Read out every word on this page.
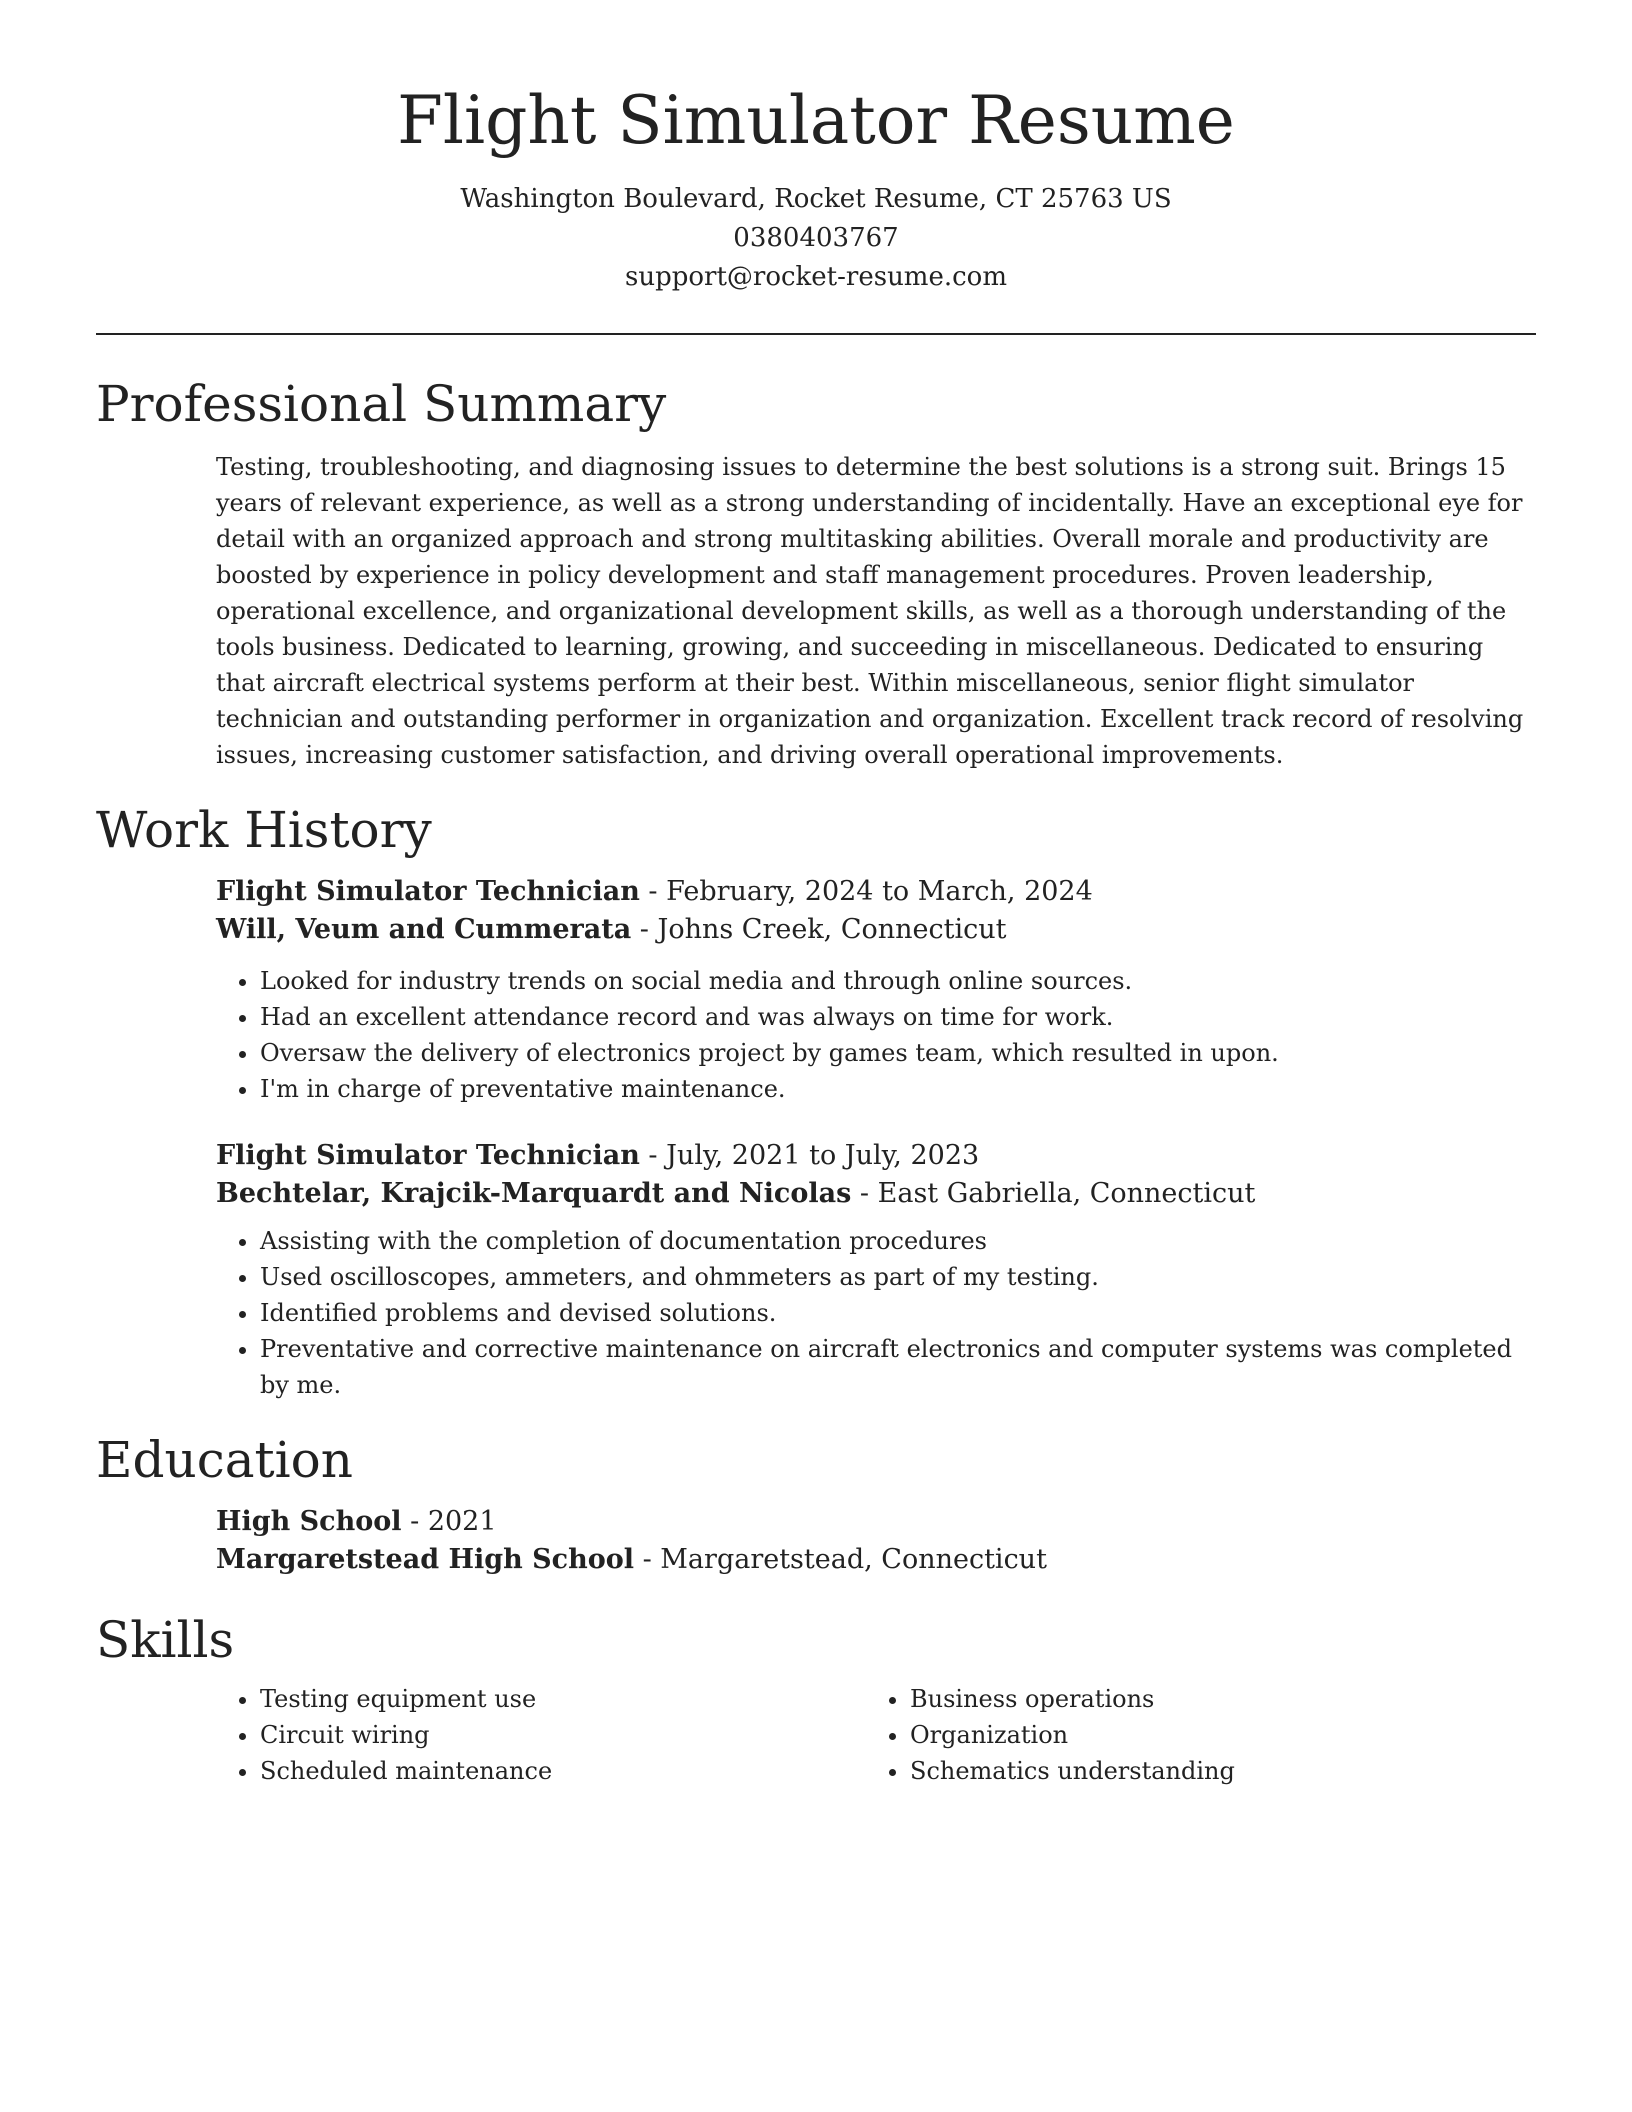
Flight Simulator Resume
Washington Boulevard, Rocket Resume, CT 25763 US
0380403767
support@rocket-resume.com
Professional Summary

Testing, troubleshooting, and diagnosing issues to determine the best solutions is a strong suit. Brings 15 years of relevant experience, as well as a strong understanding of incidentally. Have an exceptional eye for detail with an organized approach and strong multitasking abilities. Overall morale and productivity are boosted by experience in policy development and staff management procedures. Proven leadership, operational excellence, and organizational development skills, as well as a thorough understanding of the tools business. Dedicated to learning, growing, and succeeding in miscellaneous. Dedicated to ensuring that aircraft electrical systems perform at their best. Within miscellaneous, senior flight simulator technician and outstanding performer in organization and organization. Excellent track record of resolving issues, increasing customer satisfaction, and driving overall operational improvements.

Work History
Flight Simulator Technician - February, 2024 to March, 2024
Will, Veum and Cummerata - Johns Creek, Connecticut
• Looked for industry trends on social media and through online sources.
• Had an excellent attendance record and was always on time for work.
• Oversaw the delivery of electronics project by games team, which resulted in upon.
• I'm in charge of preventative maintenance.
Flight Simulator Technician - July, 2021 to July, 2023
Bechtelar, Krajcik-Marquardt and Nicolas - East Gabriella, Connecticut
• Assisting with the completion of documentation procedures
• Used oscilloscopes, ammeters, and ohmmeters as part of my testing.
• Identified problems and devised solutions.
• Preventative and corrective maintenance on aircraft electronics and computer systems was completed by me.
Education
High School - 2021
Margaretstead High School - Margaretstead, Connecticut
Skills
• Testing equipment use
• Circuit wiring
• Scheduled maintenance
• Business operations
• Organization
• Schematics understanding
